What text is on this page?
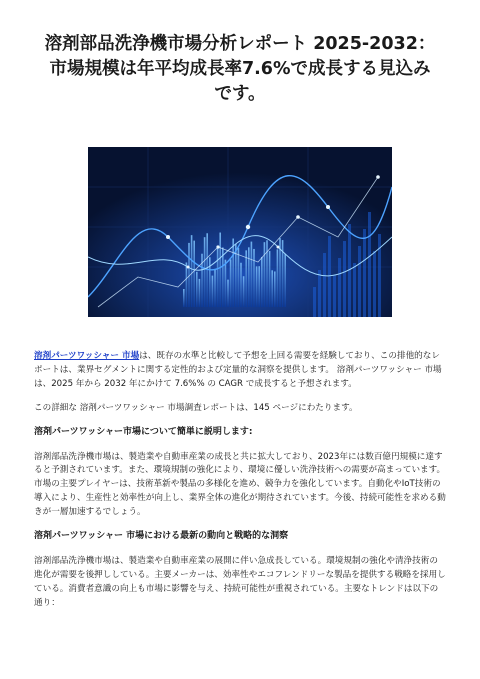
溶剤部品洗浄機市場分析レポート 2025-2032：
市場規模は年平均成長率7.6%で成長する見込み
です。

溶剤パーツワッシャー 市場は、既存の水準と比較して予想を上回る需要を経験しており、この排他的なレポートは、業界セグメントに関する定性的および定量的な洞察を提供します。 溶剤パーツワッシャー 市場は、2025 年から 2032 年にかけて 7.6%% の CAGR で成長すると予想されます。

この詳細な 溶剤パーツワッシャー 市場調査レポートは、145 ページにわたります。

溶剤パーツワッシャー市場について簡単に説明します:

溶剤部品洗浄機市場は、製造業や自動車産業の成長と共に拡大しており、2023年には数百億円規模に達すると予測されています。また、環境規制の強化により、環境に優しい洗浄技術への需要が高まっています。市場の主要プレイヤーは、技術革新や製品の多様化を進め、競争力を強化しています。自動化やIoT技術の導入により、生産性と効率性が向上し、業界全体の進化が期待されています。今後、持続可能性を求める動きが一層加速するでしょう。

溶剤パーツワッシャー 市場における最新の動向と戦略的な洞察

溶剤部品洗浄機市場は、製造業や自動車産業の展開に伴い急成長している。環境規制の強化や清浄技術の進化が需要を後押ししている。主要メーカーは、効率性やエコフレンドリーな製品を提供する戦略を採用している。消費者意識の向上も市場に影響を与え、持続可能性が重視されている。主要なトレンドは以下の通り：
